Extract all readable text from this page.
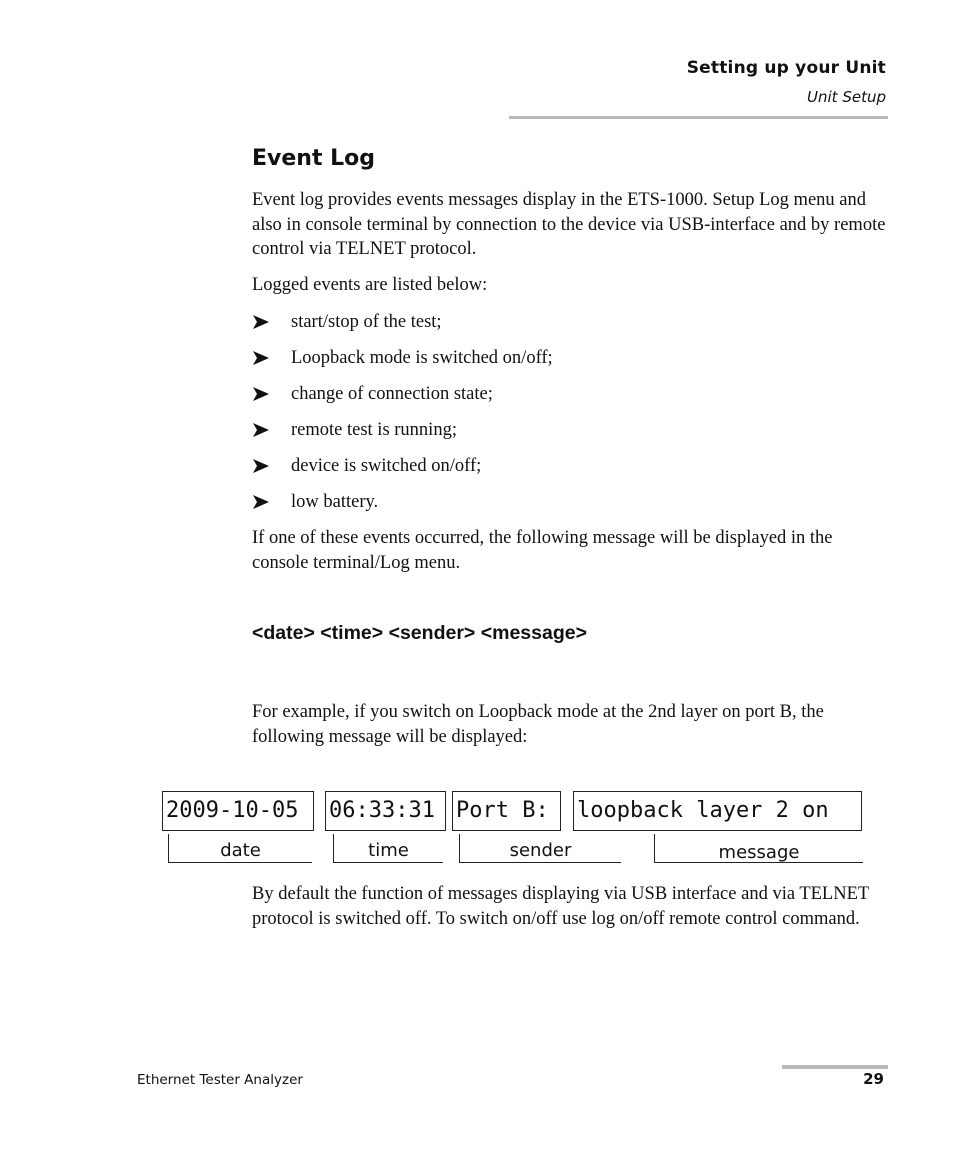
Setting up your Unit
Unit Setup
Event Log
Event log provides events messages display in the ETS-1000. Setup Log menu and also in console terminal by connection to the device via USB-interface and by remote control via TELNET protocol.
Logged events are listed below:
start/stop of the test;
Loopback mode is switched on/off;
change of connection state;
remote test is running;
device is switched on/off;
low battery.
If one of these events occurred, the following message will be displayed in the console terminal/Log menu.
<date> <time> <sender> <message>
For example, if you switch on Loopback mode at the 2nd layer on port B, the following message will be displayed:
2009-10-05	06:33:31 Port B:	loopback layer 2 on
date	time	sender	message
By default the function of messages displaying via USB interface and via TELNET protocol is switched off. To switch on/off use log on/off remote control command.
Ethernet Tester Analyzer	29
